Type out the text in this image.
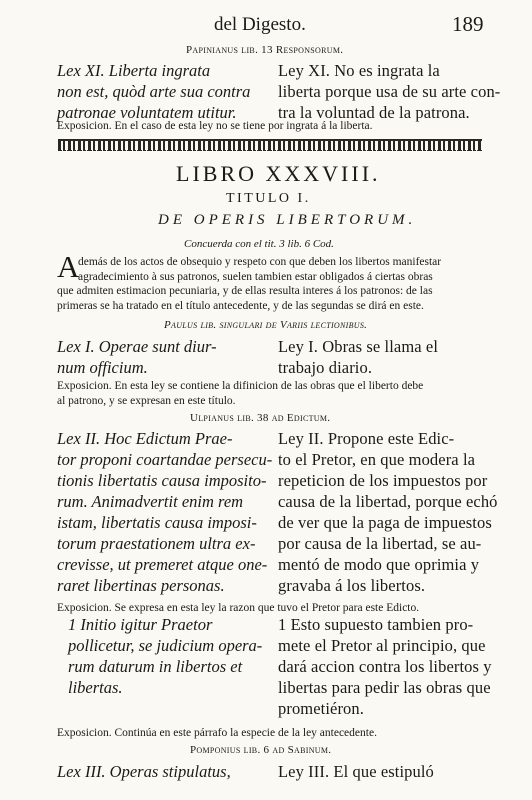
del Digesto.	189
Papinianus lib. 13 Responsorum.
Lex XI. Liberta ingrata
non est, quòd arte sua contra
patronae voluntatem utitur.
Ley XI. No es ingrata la
liberta porque usa de su arte con-
tra la voluntad de la patrona.
Exposicion. En el caso de esta ley no se tiene por ingrata á la liberta.
LIBRO XXXVIII.
TITULO I.
DE OPERIS LIBERTORUM.
Concuerda con el tit. 3 lib. 6 Cod.
A
demás de los actos de obsequio y respeto con que deben los libertos manifestar
agradecimiento à sus patronos, suelen tambien estar obligados á ciertas obras
que admiten estimacion pecuniaria, y de ellas resulta interes á los patronos: de las
primeras se ha tratado en el título antecedente, y de las segundas se dirá en este.
Paulus lib. singulari de Variis lectionibus.
Lex I. Operae sunt diur-
num officium.
Ley I. Obras se llama el
trabajo diario.
Exposicion. En esta ley se contiene la difinicion de las obras que el liberto debe
al patrono, y se expresan en este título.
Ulpianus lib. 38 ad Edictum.
Lex II. Hoc Edictum Prae-
tor proponi coartandae persecu-
tionis libertatis causa imposito-
rum. Animadvertit enim rem
istam, libertatis causa imposi-
torum praestationem ultra ex-
crevisse, ut premeret atque one-
raret libertinas personas.
Ley II. Propone este Edic-
to el Pretor, en que modera la
repeticion de los impuestos por
causa de la libertad, porque echó
de ver que la paga de impuestos
por causa de la libertad, se au-
mentó de modo que oprimia y
gravaba á los libertos.
Exposicion. Se expresa en esta ley la razon que tuvo el Pretor para este Edicto.
1 Initio igitur Praetor
pollicetur, se judicium opera-
rum daturum in libertos et
libertas.
1 Esto supuesto tambien pro-
mete el Pretor al principio, que
dará accion contra los libertos y
libertas para pedir las obras que
prometiéron.
Exposicion. Continúa en este párrafo la especie de la ley antecedente.
Pomponius lib. 6 ad Sabinum.
Lex III. Operas stipulatus,	Ley III. El que estipuló
